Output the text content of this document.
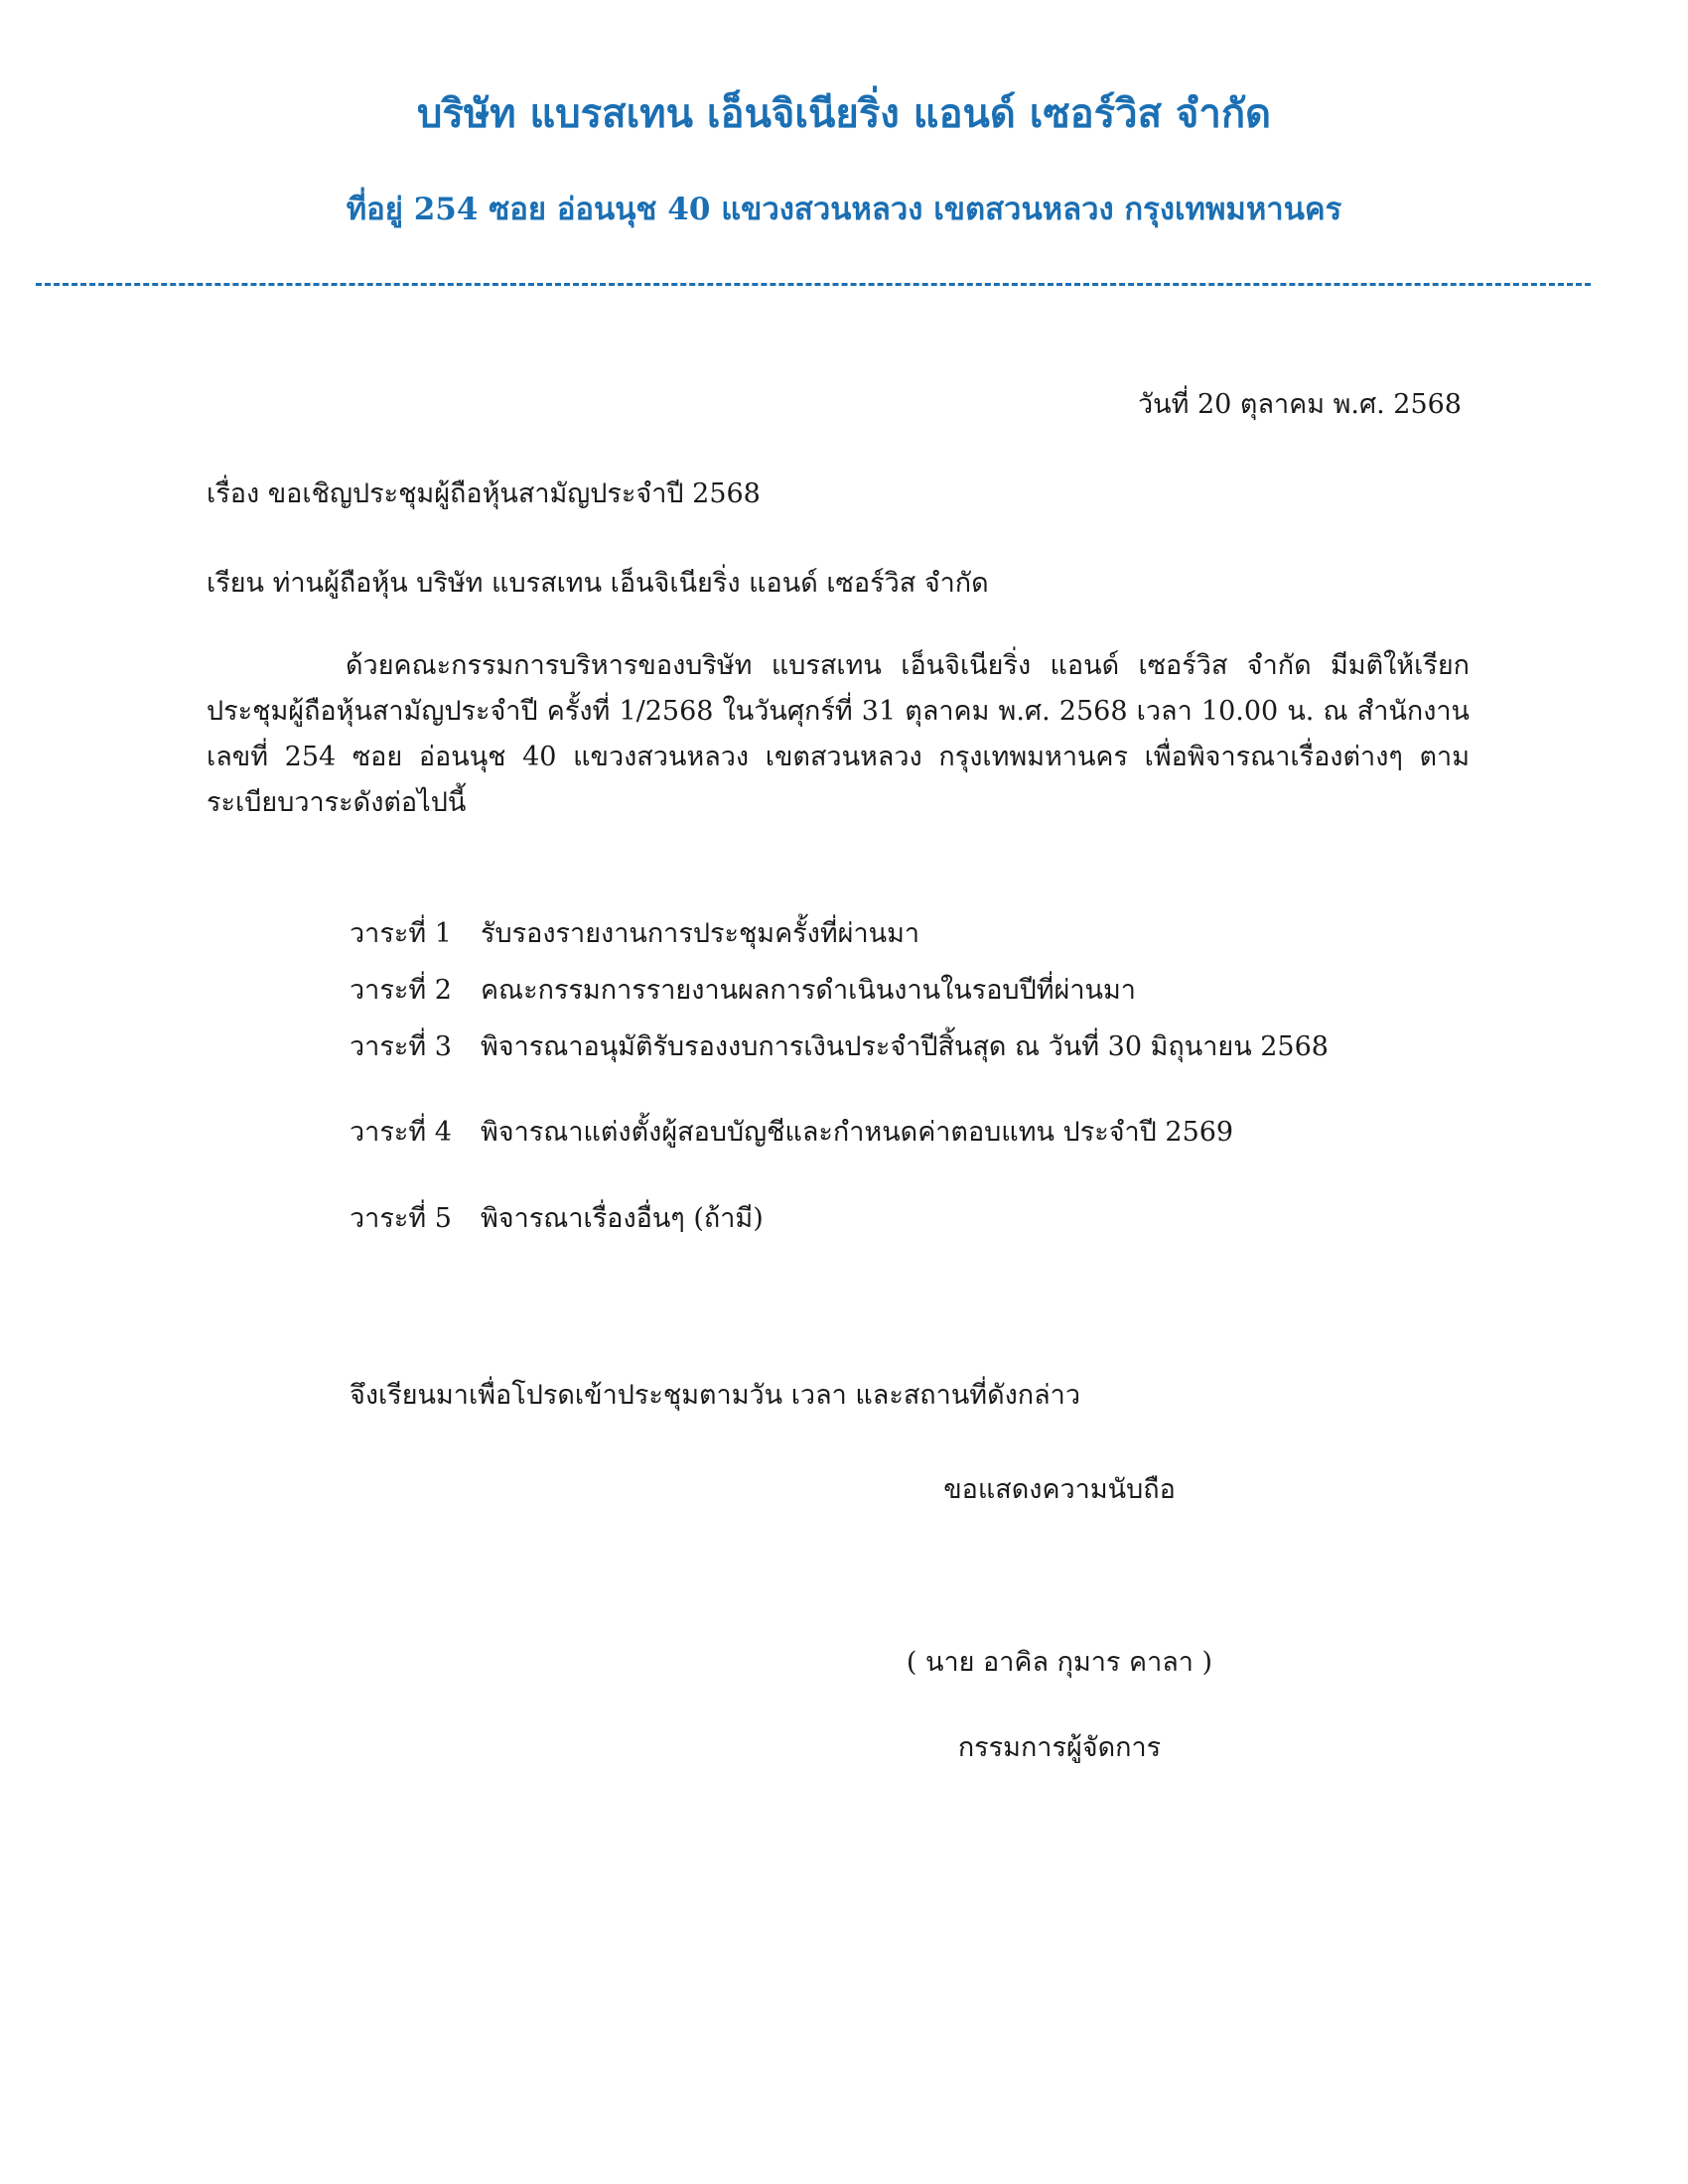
บริษัท แบรสเทน เอ็นจิเนียริ่ง แอนด์ เซอร์วิส จำกัด
ที่อยู่ 254 ซอย อ่อนนุช 40 แขวงสวนหลวง เขตสวนหลวง กรุงเทพมหานคร
วันที่ 20 ตุลาคม พ.ศ. 2568
เรื่อง ขอเชิญประชุมผู้ถือหุ้นสามัญประจำปี 2568
เรียน ท่านผู้ถือหุ้น บริษัท แบรสเทน เอ็นจิเนียริ่ง แอนด์ เซอร์วิส จำกัด
ด้วยคณะกรรมการบริหารของบริษัท แบรสเทน เอ็นจิเนียริ่ง แอนด์ เซอร์วิส จำกัด มีมติให้เรียกประชุมผู้ถือหุ้นสามัญประจำปี ครั้งที่ 1/2568 ในวันศุกร์ที่ 31 ตุลาคม พ.ศ. 2568 เวลา 10.00 น. ณ สำนักงานเลขที่ 254 ซอย อ่อนนุช 40 แขวงสวนหลวง เขตสวนหลวง กรุงเทพมหานคร เพื่อพิจารณาเรื่องต่างๆ ตามระเบียบวาระดังต่อไปนี้
วาระที่ 1 รับรองรายงานการประชุมครั้งที่ผ่านมา
วาระที่ 2 คณะกรรมการรายงานผลการดำเนินงานในรอบปีที่ผ่านมา
วาระที่ 3 พิจารณาอนุมัติรับรองงบการเงินประจำปีสิ้นสุด ณ วันที่ 30 มิถุนายน 2568
วาระที่ 4 พิจารณาแต่งตั้งผู้สอบบัญชีและกำหนดค่าตอบแทน ประจำปี 2569
วาระที่ 5 พิจารณาเรื่องอื่นๆ (ถ้ามี)
จึงเรียนมาเพื่อโปรดเข้าประชุมตามวัน เวลา และสถานที่ดังกล่าว
ขอแสดงความนับถือ
( นาย อาคิล กุมาร คาลา )
กรรมการผู้จัดการ
